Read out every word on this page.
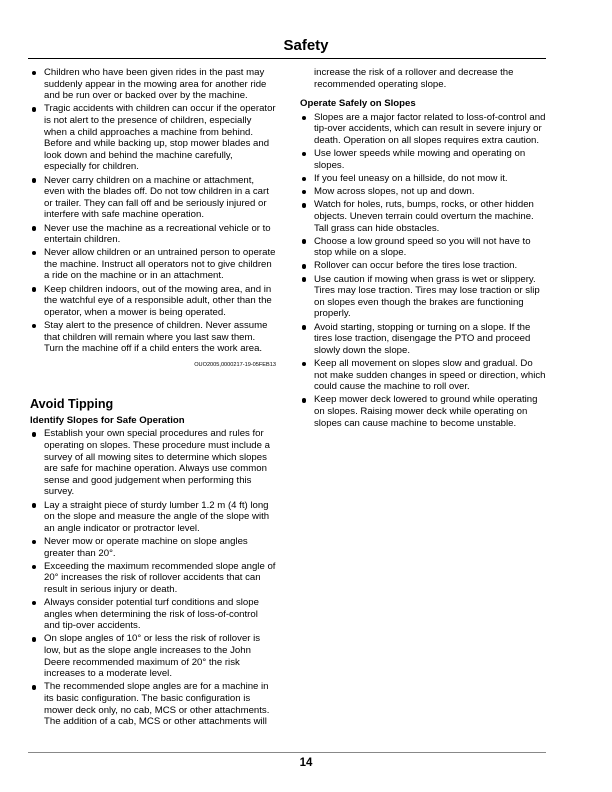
Safety
Children who have been given rides in the past may suddenly appear in the mowing area for another ride and be run over or backed over by the machine.
Tragic accidents with children can occur if the operator is not alert to the presence of children, especially when a child approaches a machine from behind. Before and while backing up, stop mower blades and look down and behind the machine carefully, especially for children.
Never carry children on a machine or attachment, even with the blades off. Do not tow children in a cart or trailer. They can fall off and be seriously injured or interfere with safe machine operation.
Never use the machine as a recreational vehicle or to entertain children.
Never allow children or an untrained person to operate the machine. Instruct all operators not to give children a ride on the machine or in an attachment.
Keep children indoors, out of the mowing area, and in the watchful eye of a responsible adult, other than the operator, when a mower is being operated.
Stay alert to the presence of children. Never assume that children will remain where you last saw them. Turn the machine off if a child enters the work area.
OUO2005,0000217-19-05FEB13
Avoid Tipping
Identify Slopes for Safe Operation
Establish your own special procedures and rules for operating on slopes. These procedure must include a survey of all mowing sites to determine which slopes are safe for machine operation. Always use common sense and good judgement when performing this survey.
Lay a straight piece of sturdy lumber 1.2 m (4 ft) long on the slope and measure the angle of the slope with an angle indicator or protractor level.
Never mow or operate machine on slope angles greater than 20°.
Exceeding the maximum recommended slope angle of 20° increases the risk of rollover accidents that can result in serious injury or death.
Always consider potential turf conditions and slope angles when determining the risk of loss-of-control and tip-over accidents.
On slope angles of 10° or less the risk of rollover is low, but as the slope angle increases to the John Deere recommended maximum of 20° the risk increases to a moderate level.
The recommended slope angles are for a machine in its basic configuration. The basic configuration is mower deck only, no cab, MCS or other attachments. The addition of a cab, MCS or other attachments will
increase the risk of a rollover and decrease the recommended operating slope.
Operate Safely on Slopes
Slopes are a major factor related to loss-of-control and tip-over accidents, which can result in severe injury or death. Operation on all slopes requires extra caution.
Use lower speeds while mowing and operating on slopes.
If you feel uneasy on a hillside, do not mow it.
Mow across slopes, not up and down.
Watch for holes, ruts, bumps, rocks, or other hidden objects. Uneven terrain could overturn the machine. Tall grass can hide obstacles.
Choose a low ground speed so you will not have to stop while on a slope.
Rollover can occur before the tires lose traction.
Use caution if mowing when grass is wet or slippery. Tires may lose traction. Tires may lose traction or slip on slopes even though the brakes are functioning properly.
Avoid starting, stopping or turning on a slope. If the tires lose traction, disengage the PTO and proceed slowly down the slope.
Keep all movement on slopes slow and gradual. Do not make sudden changes in speed or direction, which could cause the machine to roll over.
Keep mower deck lowered to ground while operating on slopes. Raising mower deck while operating on slopes can cause machine to become unstable.
14
